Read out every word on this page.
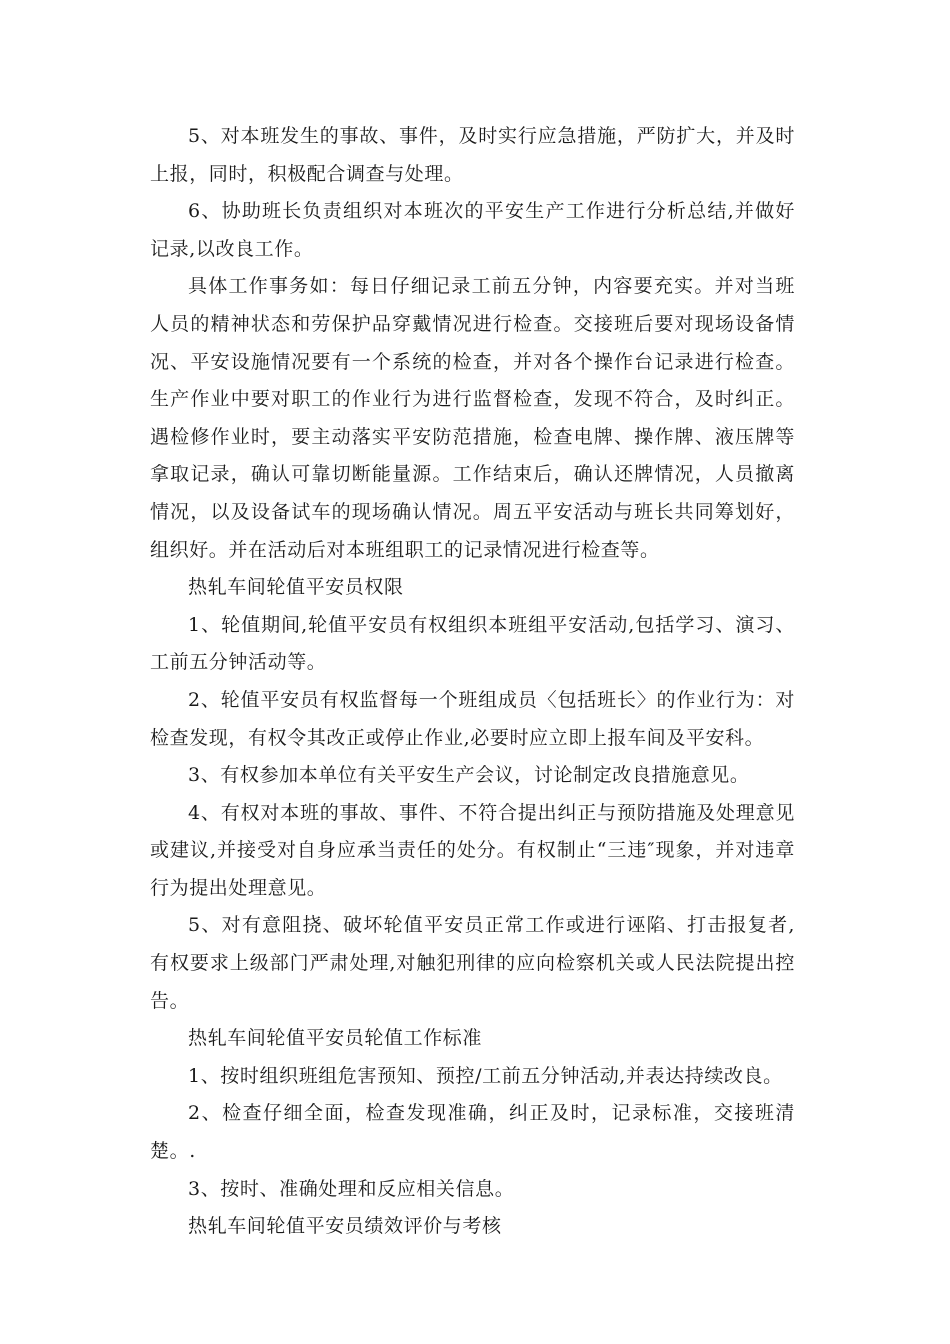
5、对本班发生的事故、事件，及时实行应急措施，严防扩大，并及时上报，同时，积极配合调查与处理。

6、协助班长负责组织对本班次的平安生产工作进行分析总结,并做好记录,以改良工作。

具体工作事务如：每日仔细记录工前五分钟，内容要充实。并对当班人员的精神状态和劳保护品穿戴情况进行检查。交接班后要对现场设备情况、平安设施情况要有一个系统的检查，并对各个操作台记录进行检查。生产作业中要对职工的作业行为进行监督检查，发现不符合，及时纠正。遇检修作业时，要主动落实平安防范措施，检查电牌、操作牌、液压牌等拿取记录，确认可靠切断能量源。工作结束后，确认还牌情况，人员撤离情况，以及设备试车的现场确认情况。周五平安活动与班长共同筹划好，组织好。并在活动后对本班组职工的记录情况进行检查等。

热轧车间轮值平安员权限

1、轮值期间,轮值平安员有权组织本班组平安活动,包括学习、演习、工前五分钟活动等。

2、轮值平安员有权监督每一个班组成员〈包括班长〉的作业行为：对检查发现，有权令其改正或停止作业,必要时应立即上报车间及平安科。

3、有权参加本单位有关平安生产会议，讨论制定改良措施意见。

4、有权对本班的事故、事件、不符合提出纠正与预防措施及处理意见或建议,并接受对自身应承当责任的处分。有权制止“三违″现象，并对违章行为提出处理意见。

5、对有意阻挠、破坏轮值平安员正常工作或进行诬陷、打击报复者,有权要求上级部门严肃处理,对触犯刑律的应向检察机关或人民法院提出控告。

热轧车间轮值平安员轮值工作标准

1、按时组织班组危害预知、预控/工前五分钟活动,并表达持续改良。

2、检查仔细全面，检查发现准确，纠正及时，记录标准，交接班清楚。.

3、按时、准确处理和反应相关信息。

热轧车间轮值平安员绩效评价与考核
